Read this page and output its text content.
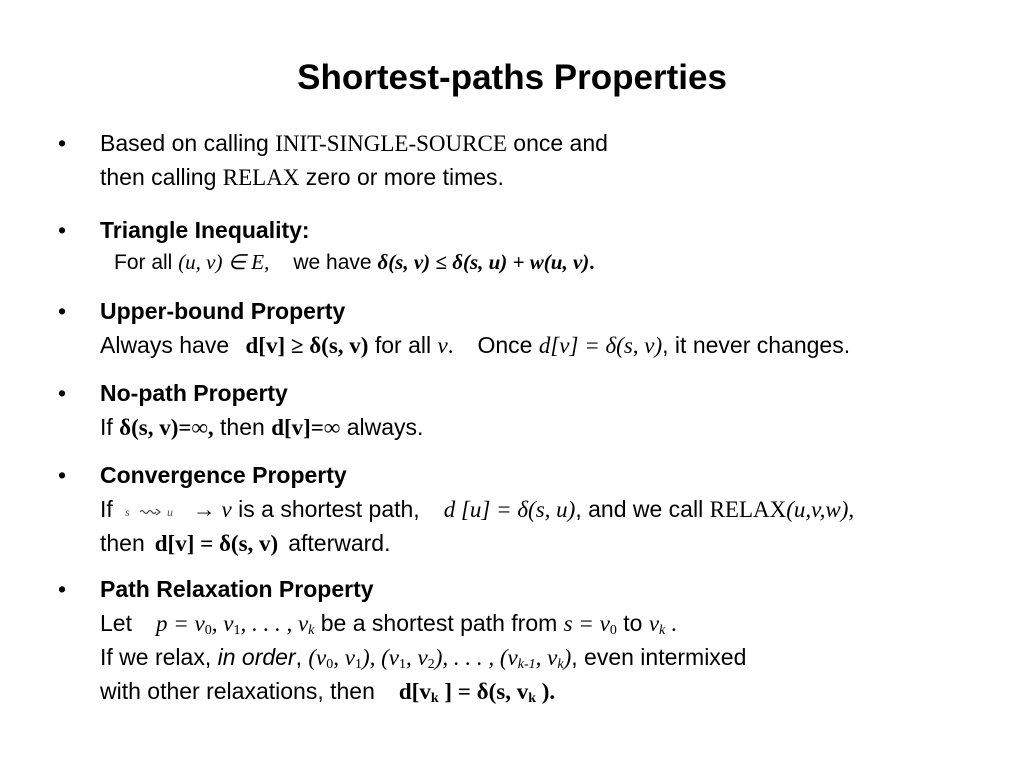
Shortest-paths Properties
•	Based on calling INIT-SINGLE-SOURCE once and
then calling RELAX zero or more times.
•	Triangle Inequality:
For all (u, v) ∈ E, we have δ(s, v) ≤ δ(s, u) + w(u, v).
•	Upper-bound Property
Always have d[v] ≥ δ(s, v) for all v. Once d[v] = δ(s, v), it never changes.
•	No-path Property
If δ(s, v)=∞, then d[v]=∞ always.
•	Convergence Property
If s	u → v is a shortest path, d [u] = δ(s, u), and we call RELAX(u,v,w),
then d[v] = δ(s, v) afterward.
•	Path Relaxation Property
Let p = v0, v1, . . . , vk be a shortest path from s = v0 to vk .
If we relax, in order, (v0, v1), (v1, v2), . . . , (vk-1, vk), even intermixed
with other relaxations, then d[vk ] = δ(s, vk ).
